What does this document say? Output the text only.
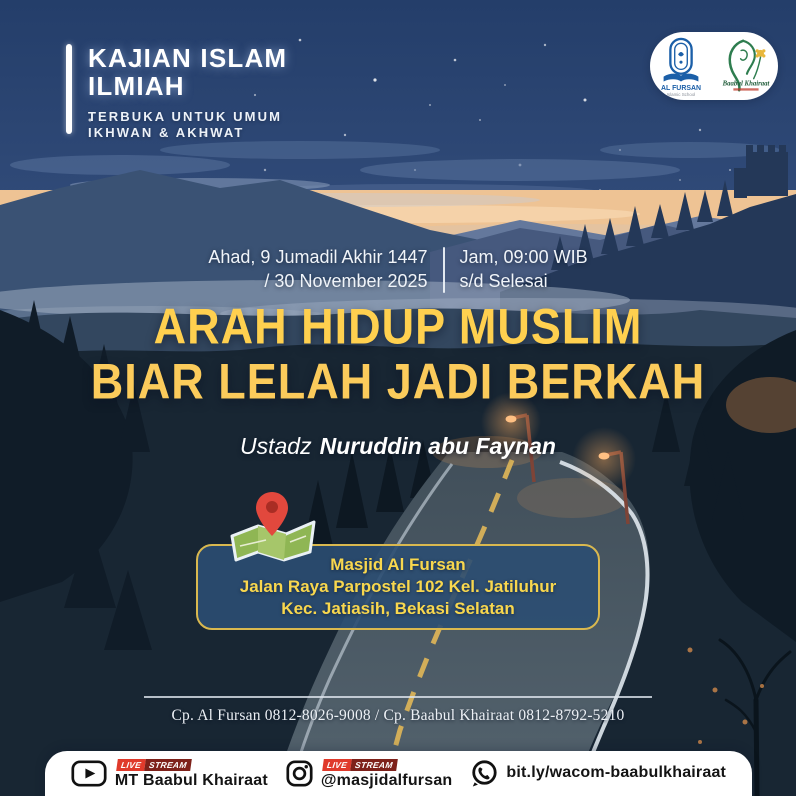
KAJIAN ISLAM
ILMIAH
TERBUKA UNTUK UMUM
IKHWAN & AKHWAT
AL FURSAN
Islamic School
Baabul Khairaat
Ahad, 9 Jumadil Akhir 1447
/ 30 November 2025
Jam, 09:00 WIB
s/d Selesai
ARAH HIDUP MUSLIM
BIAR LELAH JADI BERKAH
Ustadz Nuruddin abu Faynan
Masjid Al Fursan
Jalan Raya Parpostel 102 Kel. Jatiluhur
Kec. Jatiasih, Bekasi Selatan
Cp. Al Fursan 0812-8026-9008 / Cp. Baabul Khairaat 0812-8792-5210
LIVE STREAM
MT Baabul Khairaat
LIVE STREAM
@masjidalfursan	bit.ly/wacom-baabulkhairaat
